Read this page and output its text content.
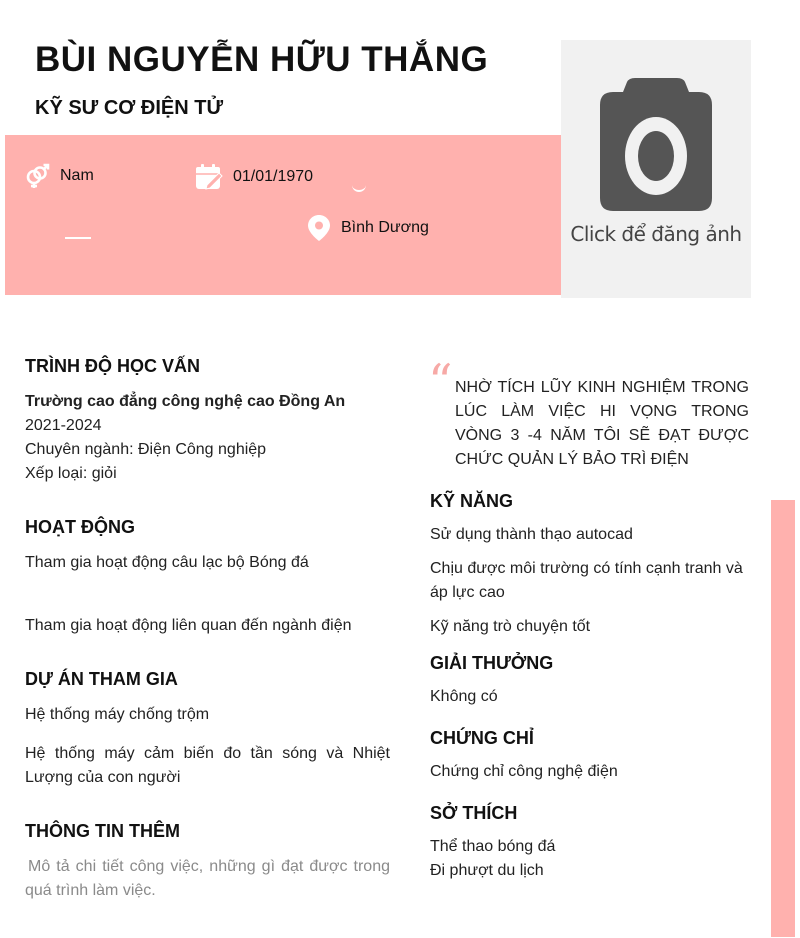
BÙI NGUYỄN HỮU THẮNG
KỸ SƯ CƠ ĐIỆN TỬ
Nam	01/01/1970
Bình Dương	Click để đăng ảnh
TRÌNH ĐỘ HỌC VẤN
Trường cao đẳng công nghệ cao Đồng An
2021-2024
Chuyên ngành: Điện Công nghiệp
Xếp loại: giỏi
HOẠT ĐỘNG
Tham gia hoạt động câu lạc bộ Bóng đá
Tham gia hoạt động liên quan đến ngành điện
DỰ ÁN THAM GIA
Hệ thống máy chống trộm
Hệ thống máy cảm biến đo tần sóng và Nhiệt Lượng của con người
THÔNG TIN THÊM
Mô tả chi tiết công việc, những gì đạt được trong quá trình làm việc.
“ NHỜ TÍCH LŨY KINH NGHIỆM TRONG LÚC LÀM VIỆC HI VỌNG TRONG VÒNG 3 -4 NĂM TÔI SẼ ĐẠT ĐƯỢC CHỨC QUẢN LÝ BẢO TRÌ ĐIỆN
KỸ NĂNG
Sử dụng thành thạo autocad
Chịu được môi trường có tính cạnh tranh và áp lực cao
Kỹ năng trò chuyện tốt
GIẢI THƯỞNG
Không có
CHỨNG CHỈ
Chứng chỉ công nghệ điện
SỞ THÍCH
Thể thao bóng đá
Đi phượt du lịch
